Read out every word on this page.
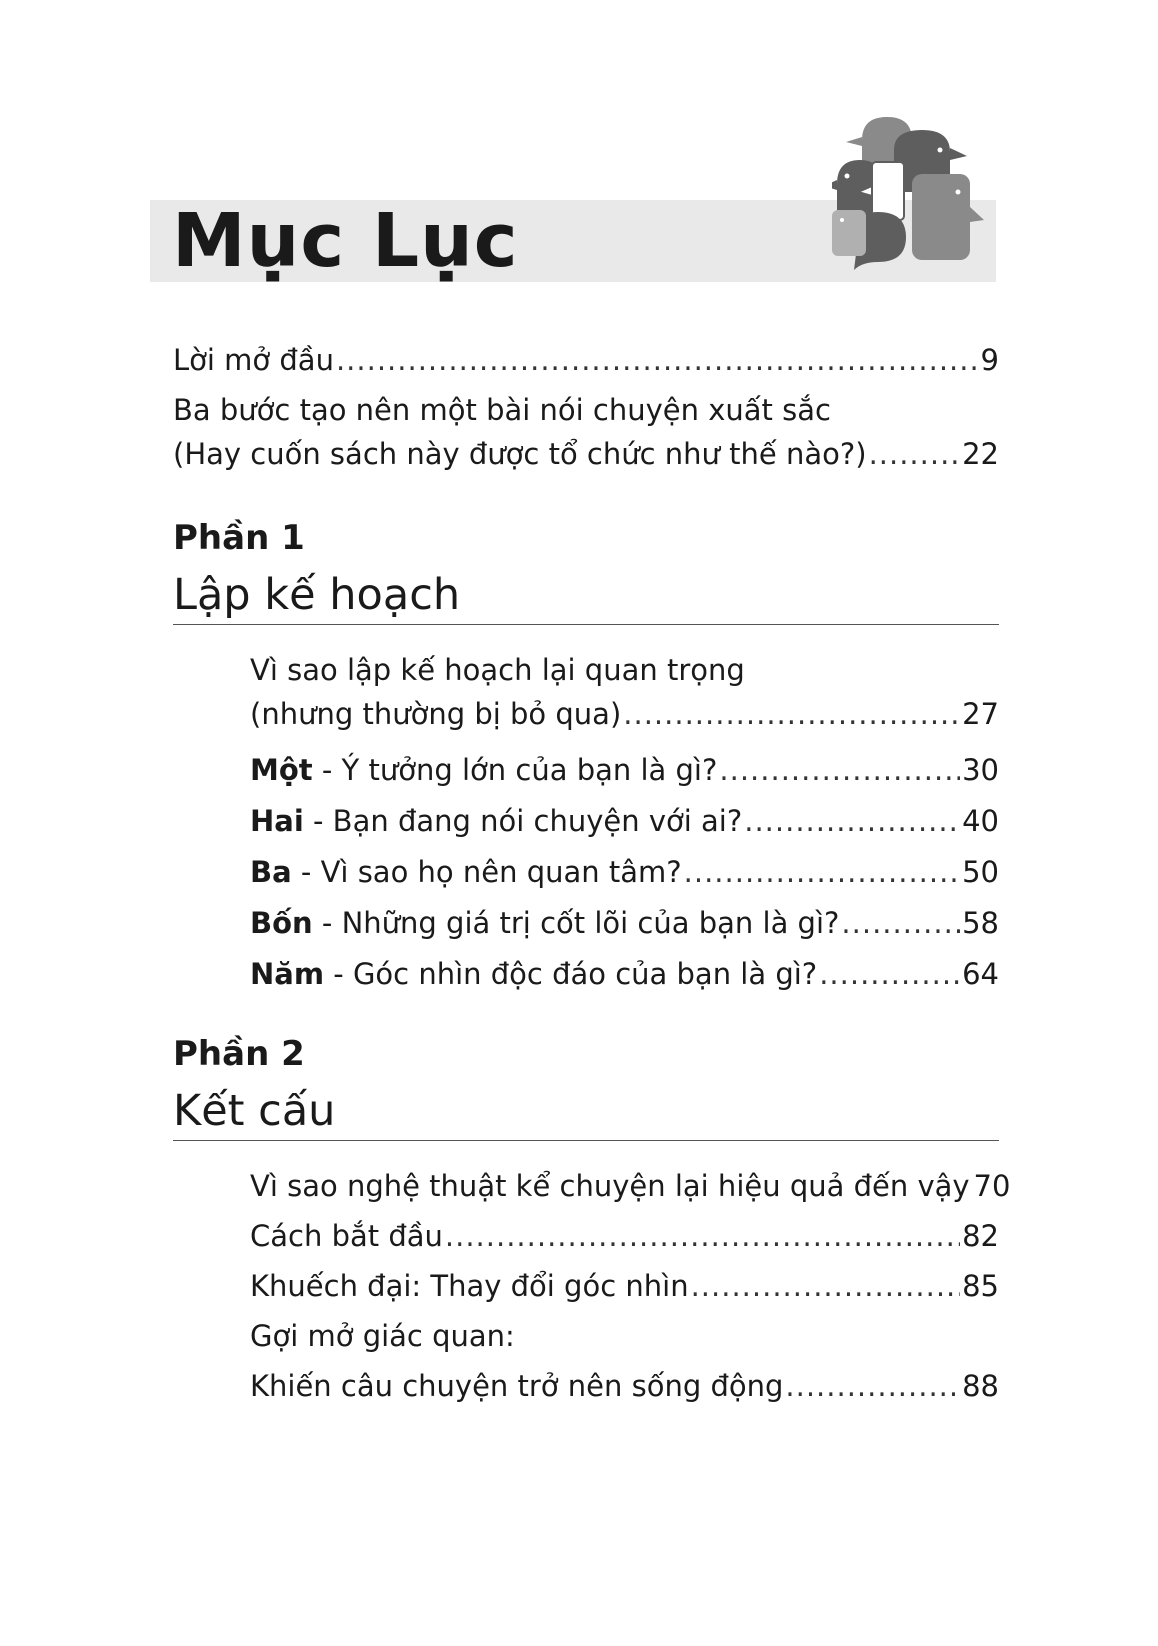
Mục Lục
Lời mở đầu .....	9
Ba bước tạo nên một bài nói chuyện xuất sắc
(Hay cuốn sách này được tổ chức như thế nào?) .....	22
Phần 1
Lập kế hoạch
Vì sao lập kế hoạch lại quan trọng
(nhưng thường bị bỏ qua) .....	27
Một - Ý tưởng lớn của bạn là gì? .....	30
Hai - Bạn đang nói chuyện với ai? .....	40
Ba - Vì sao họ nên quan tâm? .....	50
Bốn - Những giá trị cốt lõi của bạn là gì? .....	58
Năm - Góc nhìn độc đáo của bạn là gì? .....	64
Phần 2
Kết cấu
Vì sao nghệ thuật kể chuyện lại hiệu quả đến vậy 70
Cách bắt đầu .....	82
Khuếch đại: Thay đổi góc nhìn .....	85
Gợi mở giác quan:
Khiến câu chuyện trở nên sống động .....	88
